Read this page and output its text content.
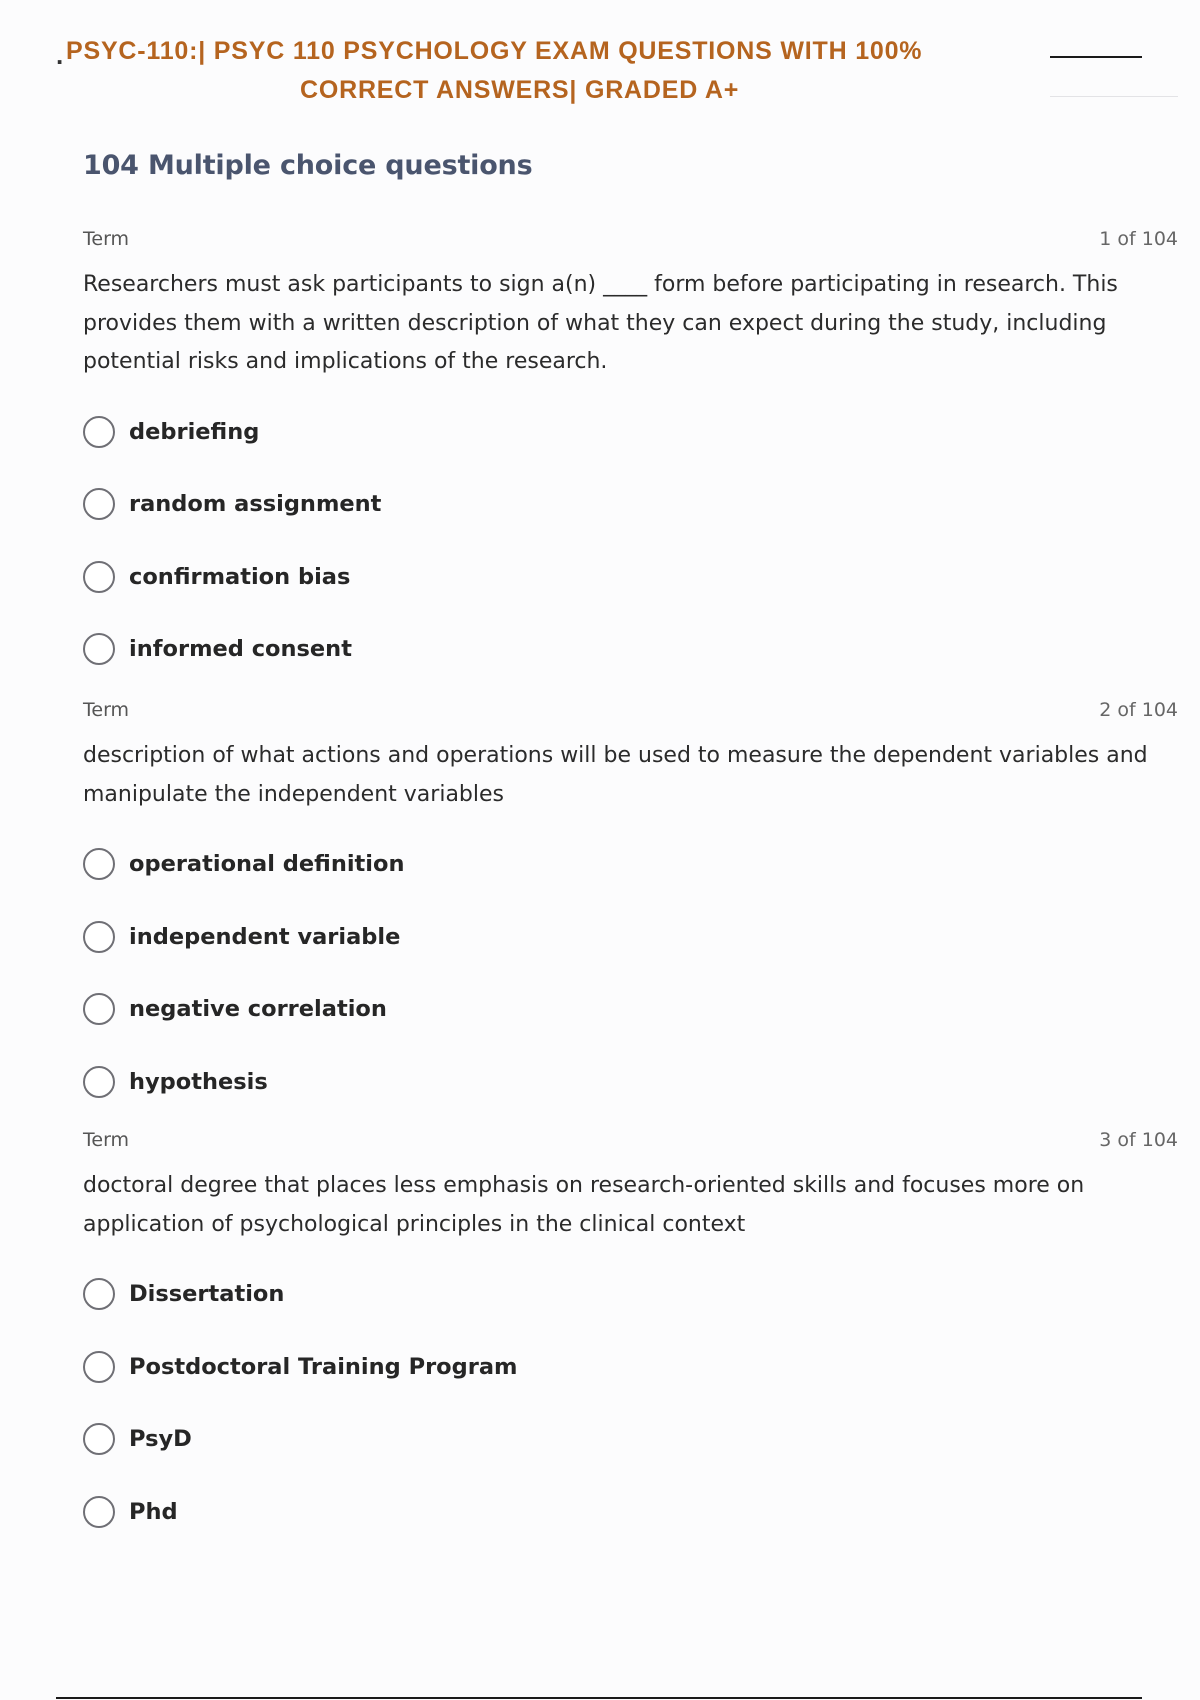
. PSYC-110:| PSYC 110 PSYCHOLOGY EXAM QUESTIONS WITH 100%
CORRECT ANSWERS| GRADED A+
104 Multiple choice questions
Term	1 of 104
Researchers must ask participants to sign a(n) ____ form before participating in research. This provides them with a written description of what they can expect during the study, including potential risks and implications of the research.
debriefing
random assignment
confirmation bias
informed consent
Term	2 of 104
description of what actions and operations will be used to measure the dependent variables and manipulate the independent variables
operational definition
independent variable
negative correlation
hypothesis
Term	3 of 104
doctoral degree that places less emphasis on research-oriented skills and focuses more on application of psychological principles in the clinical context
Dissertation
Postdoctoral Training Program
PsyD
Phd
